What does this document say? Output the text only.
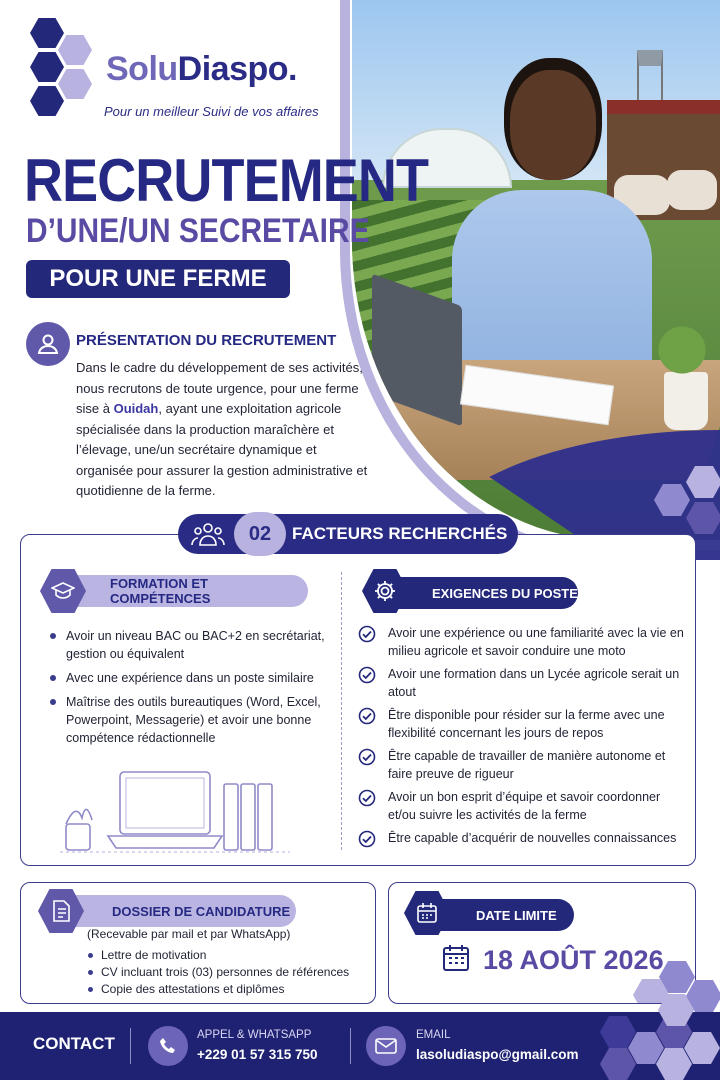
SoluDiaspo.
Pour un meilleur Suivi de vos affaires
RECRUTEMENT
D’UNE/UN SECRETAIRE
POUR UNE FERME
PRÉSENTATION DU RECRUTEMENT
Dans le cadre du développement de ses activités, nous recrutons de toute urgence, pour une ferme sise à Ouidah, ayant une exploitation agricole spécialisée dans la production maraîchère et l’élevage, une/un secrétaire dynamique et organisée pour assurer la gestion administrative et quotidienne de la ferme.
02	FACTEURS RECHERCHÉS
FORMATION ET COMPÉTENCES
Avoir un niveau BAC ou BAC+2 en secrétariat, gestion ou équivalent
Avec une expérience dans un poste similaire
Maîtrise des outils bureautiques (Word, Excel, Powerpoint, Messagerie) et avoir une bonne compétence rédactionnelle
EXIGENCES DU POSTE
Avoir une expérience ou une familiarité avec la vie en milieu agricole et savoir conduire une moto
Avoir une formation dans un Lycée agricole serait un atout
Être disponible pour résider sur la ferme avec une flexibilité concernant les jours de repos
Être capable de travailler de manière autonome et faire preuve de rigueur
Avoir un bon esprit d’équipe et savoir coordonner et/ou suivre les activités de la ferme
Être capable d’acquérir de nouvelles connaissances
(Recevable par mail et par WhatsApp)
Lettre de motivation
CV incluant trois (03) personnes de références
Copie des attestations et diplômes
DOSSIER DE CANDIDATURE
18 AOÛT 2026
DATE LIMITE
CONTACT	APPEL & WHATSAPP
+229 01 57 315 750
EMAIL
lasoludiaspo@gmail.com
